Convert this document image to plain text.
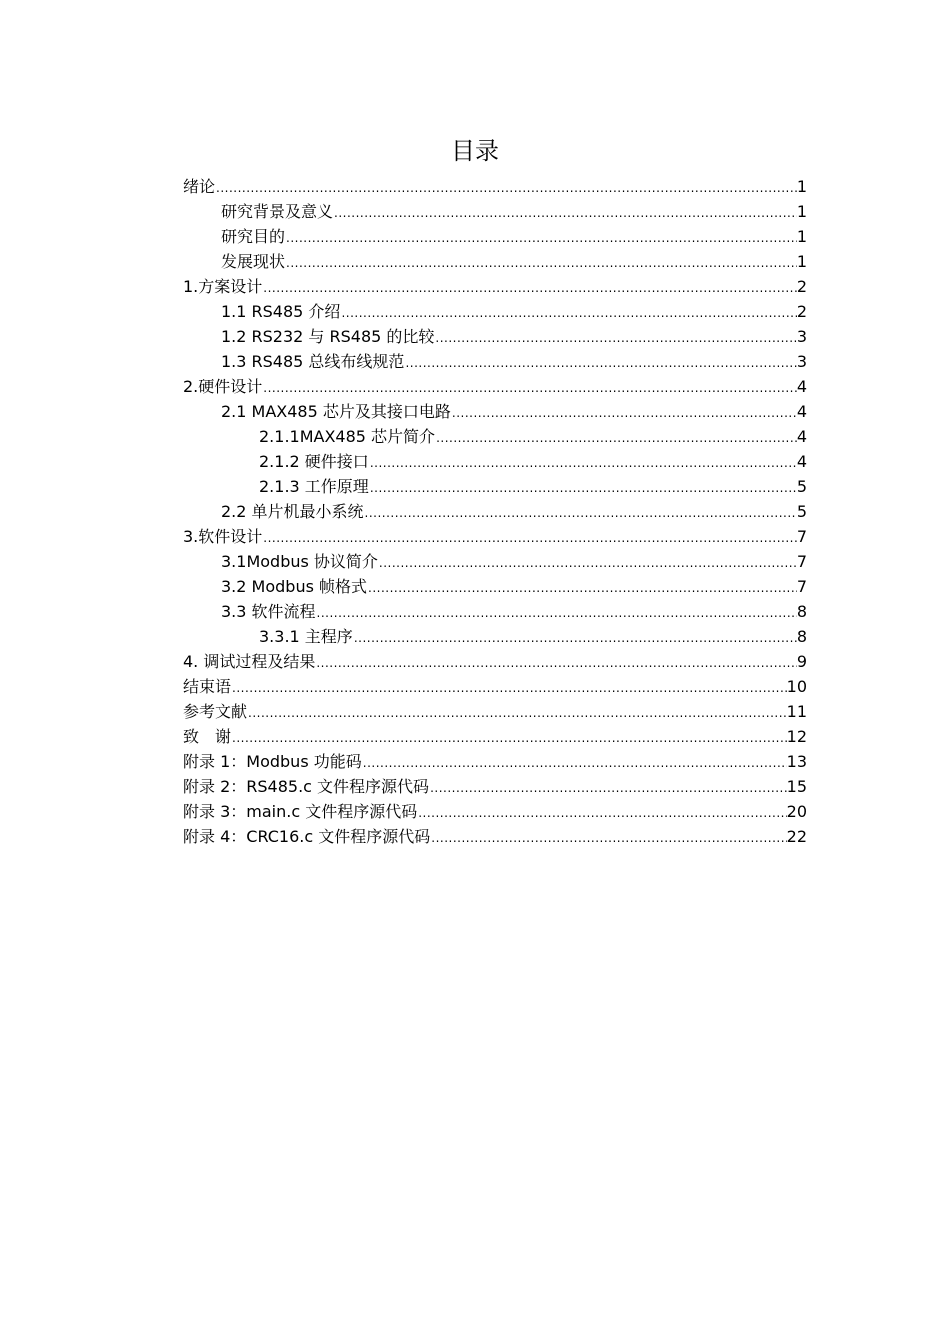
目录
绪论 .....	1
研究背景及意义 .....	1
研究目的 .....	1
发展现状 .....	1
1.方案设计 .....	2
1.1 RS485 介绍 .....	2
1.2 RS232 与 RS485 的比较 .....	3
1.3 RS485 总线布线规范 .....	3
2.硬件设计 .....	4
2.1 MAX485 芯片及其接口电路 .....	4
2.1.1MAX485 芯片简介 .....	4
2.1.2 硬件接口 .....	4
2.1.3 工作原理 .....	5
2.2 单片机最小系统 .....	5
3.软件设计 .....	7
3.1Modbus 协议简介 .....	7
3.2 Modbus 帧格式 .....	7
3.3 软件流程 .....	8
3.3.1 主程序 .....	8
4. 调试过程及结果 .....	9
结束语 .....	10
参考文献 .....	11
致　谢 .....	12
附录 1：Modbus 功能码 .....	13
附录 2：RS485.c 文件程序源代码 .....	15
附录 3：main.c 文件程序源代码 .....	20
附录 4：CRC16.c 文件程序源代码 .....	22
